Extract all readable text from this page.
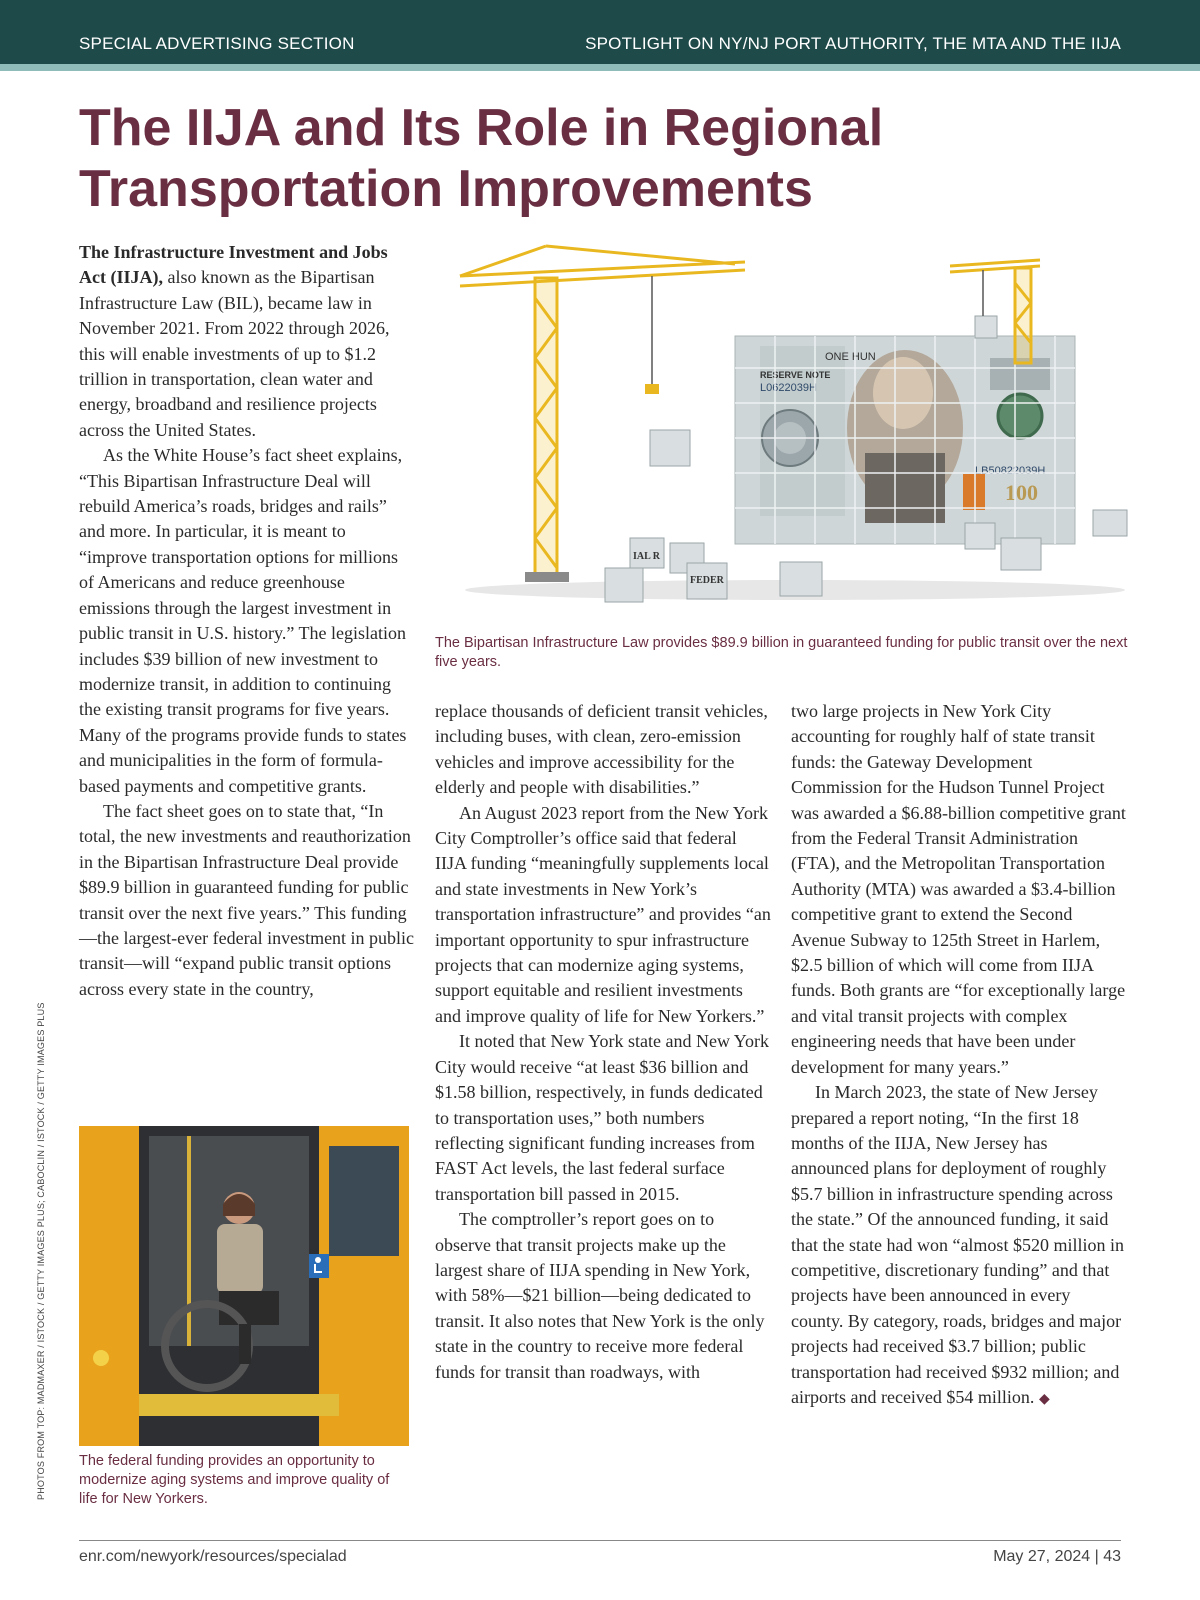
SPECIAL ADVERTISING SECTION	SPOTLIGHT ON NY/NJ PORT AUTHORITY, THE MTA AND THE IIJA
The IIJA and Its Role in Regional
Transportation Improvements

The Infrastructure Investment and Jobs Act (IIJA), also known as the Bipartisan Infrastructure Law (BIL), became law in November 2021. From 2022 through 2026, this will enable investments of up to $1.2 trillion in transportation, clean water and energy, broadband and resilience projects across the United States.

As the White House’s fact sheet explains, “This Bipartisan Infrastructure Deal will rebuild America’s roads, bridges and rails” and more. In particular, it is meant to “improve transportation options for millions of Americans and reduce greenhouse emissions through the largest investment in public transit in U.S. history.” The legislation includes $39 billion of new investment to modernize transit, in addition to continuing the existing transit programs for five years. Many of the programs provide funds to states and municipalities in the form of formula-based payments and competitive grants.

The fact sheet goes on to state that, “In total, the new investments and reauthorization in the Bipartisan Infrastructure Deal provide $89.9 billion in guaranteed funding for public transit over the next five years.” This funding—the largest-ever federal investment in public transit—will “expand public transit options across every state in the country,

ONE HUN
RESERVE NOTE
L0622039H
LB50822039H
100
IAL R
FEDER

The Bipartisan Infrastructure Law provides $89.9 billion in guaranteed funding for public transit over the next five years.

The federal funding provides an opportunity to modernize aging systems and improve quality of life for New Yorkers.

PHOTOS FROM TOP: MADMAXER / ISTOCK / GETTY IMAGES PLUS; CABOCLIN / ISTOCK / GETTY IMAGES PLUS

replace thousands of deficient transit vehicles, including buses, with clean, zero-emission vehicles and improve accessibility for the elderly and people with disabilities.”

An August 2023 report from the New York City Comptroller’s office said that federal IIJA funding “meaningfully supplements local and state investments in New York’s transportation infrastructure” and provides “an important opportunity to spur infrastructure projects that can modernize aging systems, support equitable and resilient investments and improve quality of life for New Yorkers.”

It noted that New York state and New York City would receive “at least $36 billion and $1.58 billion, respectively, in funds dedicated to transportation uses,” both numbers reflecting significant funding increases from FAST Act levels, the last federal surface transportation bill passed in 2015.

The comptroller’s report goes on to observe that transit projects make up the largest share of IIJA spending in New York, with 58%—$21 billion—being dedicated to transit. It also notes that New York is the only state in the country to receive more federal funds for transit than roadways, with

two large projects in New York City accounting for roughly half of state transit funds: the Gateway Development Commission for the Hudson Tunnel Project was awarded a $6.88-billion competitive grant from the Federal Transit Administration (FTA), and the Metropolitan Transportation Authority (MTA) was awarded a $3.4-billion competitive grant to extend the Second Avenue Subway to 125th Street in Harlem, $2.5 billion of which will come from IIJA funds. Both grants are “for exceptionally large and vital transit projects with complex engineering needs that have been under development for many years.”

In March 2023, the state of New Jersey prepared a report noting, “In the first 18 months of the IIJA, New Jersey has announced plans for deployment of roughly $5.7 billion in infrastructure spending across the state.” Of the announced funding, it said that the state had won “almost $520 million in competitive, discretionary funding” and that projects have been announced in every county. By category, roads, bridges and major projects had received $3.7 billion; public transportation had received $932 million; and airports and received $54 million. ◆

enr.com/newyork/resources/specialad	May 27, 2024 | 43
